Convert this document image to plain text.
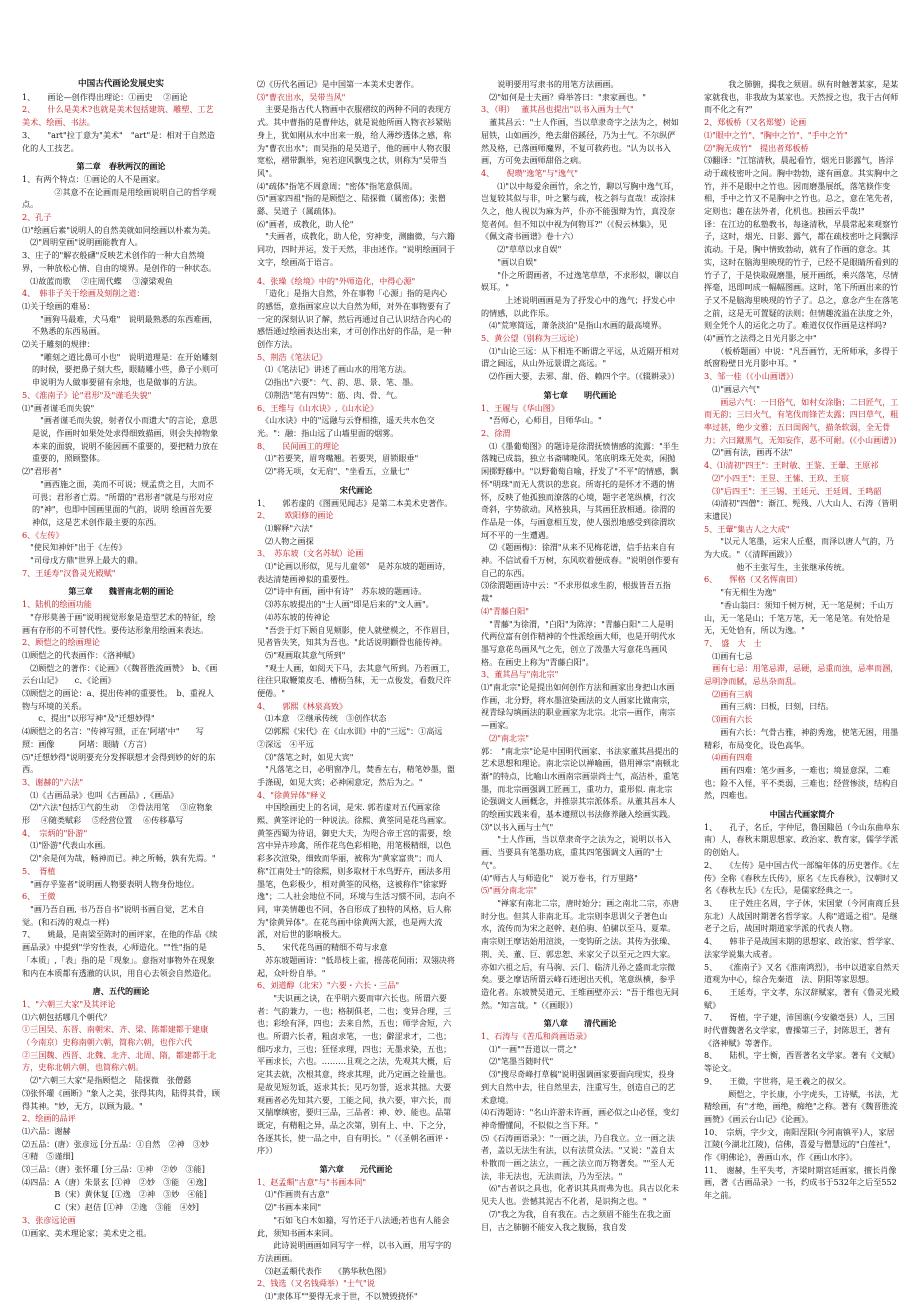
中国古代画论发展史实

1、　　画论—创作得出理论：①画史　 ②画论

2、　　什么是美术?也就是美术包括建筑、雕塑、工艺美术、绘画、书法。

3、　　"art"拉丁意为"美术"　"art"是：相对于自然造化的人工技艺。

第二章　春秋两汉的画论

1、有两个特点：①画论的人不是画家。

　　　　②其意不在论画而是用绘画说明自己的哲学观点。

2、孔子

⑴"绘画后素"说明人的自然美就如同绘画以朴素为美。

　⑵"周明堂画"说明画能教育人。

3、庄子的"解衣般礴"反映艺术创作的一种大自然境界，一种放松心情、自由的境界。是创作的一种状态。

　⑴故蓝而歌　 ②庄周代蝶　 ③濠梁观鱼

4、　韩非子关于绘画及刻削之道：

⑴关于绘画的难易：

　"画狗马最难，犬马难"　说明最熟悉的东西难画，不熟悉的东西易画。

⑵关于雕刻的规律：

　"雕刻之道比鼻可小也"　说明道理是：在开始雕刻的时候，要把鼻子刻大些，眼睛雕小些，鼻子小则可申说明为人做事要留有余地，也是做事的方法。

5、《淮南子》论"君形"及"谨毛失貌"

⑴"画者谨毛而失貌"

　"画者谨毛而失貌，射者仅小而遗大"的言论，意思是说，作画时如果处处求得细致描画，则会失掉物象本来的面貌，说明不能因画不重要的，要把精力放在重要的，照顾整体。

⑵"君形者"

　"画西施之面，美而不可说；规孟贲之目，大而不可畏；君形者亡焉。"所谓的"君形者"就是与形对应的"神"，也即中国画里面的气韵，说明 绘画首先要神似，这是艺术创作最主要的东西。

6、《左传》

　"使民知神奸"出于《左传》

　"司母戊方鼎"世界上最大的鼎。

7、王延寿"汉鲁灵光殿赋"

第三章　　魏晋南北朝的画论

1、陆机的绘画功能

　"存形莫善于画"说明视觉形象是造型艺术的特征，绘画有存形的不可替代性。要传达形象用绘画来表达。

2、顾恺之的绘画理论

⑴顾恺之的代表画作：《洛神赋》

　⑵顾恺之的著作：《论画》（《魏晋胜流画赞》　b、《画云台山记》　　c、《论画》

⑶顾恺之的画论：a、提出传神的重要性。　b、重视人物与环境的关系。

　　c、提出"以形写神"及"迁想妙得"

⑷顾恺之的名言："传神写照，正在'阿堵'中"　　写照：画像　　　阿堵：眼睛（方言）

⑸"迁想妙得"说明要充分发挥联想才会得到妙的好的东西。

3、谢赫的"六法"

　⑴《古画品录》也叫《古画品》,《画品》

　⑵"六法"包括①气韵生动　 ②骨法用笔　 ③应物象形　 ④随类赋彩　 ⑤经营位置　 ⑥传移摹写

4、　宗炳的"卧游"

　⑴"卧游"代表山水画。

　⑵"余是何为哉，畅神而已。神之所畅，孰有先焉。"

5、　胥植

　"画存乎鉴者"说明画人物要表明人物身份地位。

6、　王微

　"画乃吾自画, 书乃吾自书"说明书画自觉，艺术自觉。(和石涛的观点一样)

7、　　姚最，是南梁至陈时的画评家，在他的作品《续画品录》中提到"学穷性表，心师造化。""性"指的是「本质」,「表」指的是「现象」。意指对事物外在现象和内在本质都有透澈的认识，用自心去领会自然造化。

唐、五代的画论

1、"六朝三大家"及其评论

⑴六朝包括哪几个朝代？

①三国吴、东晋、南朝宋、齐、梁、陈都建都于建康（今南京）史称南朝六朝，简称六朝，也作六代

②三国魏、西晋、北魏、北齐、北周、隋，都建都于北方，史称北朝六朝，也简称六朝。

　⑵"六朝三大家"是指顾恺之　陆探微　张僧繇

⑶张怀瓘《画断》"象人之美，张得其肉，陆得其骨，顾得其神。"妙，无方，以顾为最。"

2、绘画的品评

⑴六品：谢赫

⑵五品：(唐）张彦远 [分五品：①自然　②神　③妙　④精　⑤谨细]

⑶三品：（唐）张怀瓘 [分三品：①神　②妙　③能]

⑷四品：A（唐）朱景玄 [①神　②妙　③能　④逸]

　　　　B（宋）黄休复 [①逸　②神　③妙　④能]

　　　　C（宋）赵佶 [①神　②逸　③能　④妙]

3、张彦远论画

⑴画家、美术理论家；美术史之祖。

⑵《历代名画记》是中国第一本美术史著作。

⑶"曹衣出水，吴带当风"

　主要是指古代人物画中衣服褶纹的两种不同的表现方式。其中曹指的是曹仲达，就是说他所画人物衣衫紧贴身上，犹如刚从水中出来一般，给人薄纱透体之感，称为"曹衣出水"；而吴指的是吴道子，他的画中人物衣服宽松，褶带飘举，宛若迎风飘曳之状，则称为"吴带当风"。

⑷"疏体"指笔不周意周；"密体"指笔意俱周。

⑸"画家四祖"指的是顾恺之、陆探微（属密体)；张僧繇、吴道子（属疏体)。

⑹"画者，成教化，助人伦"

　"夫画者，成教化，助人伦，穷神变，测幽微，与六籍同功，四时并运，发于天然，非由述作。"说明绘画同于文字，绘画高于语言。

4、张璪《绘境》中的"外师造化，中得心源"

　「造化」是指大自然，外在事物「心源」指的是内心的感悟，意指画家应以大自然为师，对外在事物要有了一定的深刻认识了解，然后再通过自己认识结合内心的感悟通过绘画表达出来，才可创作出好的作品，是一种创作方法。

5、荆浩《笔法记》

　⑴《笔法记》讲述了画山水的用笔方法。

　⑵指出"六要"：气、韵、思、景、笔、墨。

　⑶荆浩"笔有四势"：筋、肉、骨、气。

6、王维与《山水诀》,《山水论》

　《山水诀》中的"远融与云脊相推，遥天共水色交光。"：融：指山远了山墙里面的烟雾。

8、　　民间画工的理论

　⑴"若要笑，眉弯嘴翘。若要哭，眉锁眼垂"

　⑵"将无项，女无肩"、"坐看五，立量七"

宋代画论

1、　　郭若虚的《图画见闻志》是第二本美术史著作。

2、　　 欧阳修的画论

　⑴解释"六法"

　⑵人物之画探

3、　苏东坡（文名苏轼）论画

　⑴"论画以形似，见与儿童邻"　是苏东坡的题画诗，表达清楚画神似的重要性。

　⑵"诗中有画，画中有诗"　苏东坡的题画诗。

　⑶苏东坡提出的"士人画"即是后来的"文人画"。

　⑷苏东坡的传神论

　"吾尝于灯下顾自见颊影，使人就壁模之，不作眉目，见者皆失笑，知其为吾也。"此话说明颧骨也能传神。

　⑸"观画取其意气所到"

　"观士人画，如阅天下马，去其意气所到。乃若画工，往往只取鞭策皮毛、槽枥刍秣，无一点俊发，看数尺许便倦。"

4、　　郭熙《林泉高致》

　⑴本意　②继承传统　③创作状态

　⑵郭熙《宋代》在《山水训》中的"三远"：①高远　②深远　④平远

　⑶"落笔之时，如见大宾"

　"凡落笔之日，必明窗净几，焚香左右，精笔妙墨，盥手涤砚，如见大宾；必神闲意定，然后为之。"

4、"徐黄异体"释义

　中国绘画史上的名词，是宋. 郭若虚对五代画家徐熙、黄筌评论的一种说法。徐熙、黄筌同是花鸟画家。黄筌西蜀为待诏，御史大夫，为咫合帝王宫的需要，绘宫中异卉珍禽，所作花鸟色彩相艳，用笔极精细，以色彩多次渲染，细致而华丽，被称为"黄家富贵"；而人称"江南处士"的徐熙，则多取材于水鸟野卉，画法多用墨笔，色彩极少，相对黄筌的风格，这被称作"徐家野逸"；二人社会地位不同，环境与生活习惯不同，志向不同，审美情趣也不同，各自形成了独特的风格，后人称为"徐黄异体"。在花鸟画中徐黄两大派，也是两大流派，对后世的影响极大。

5、　　宋代花鸟画的精细不苟与求意

　苏东坡题画诗："低昂枝上雀，摇荡花间雨；双翎决将起，众叶纷自举。"

6、刘道醇（北宋）"六要・六长・三品"

　　"夫识画之诀，在乎明六要而审六长也。所谓六要者：气韵兼力，一也；格制俱老，二也；变异合理，三也；彩绘有泽，四也；去来自然，五也；师学舍短，六也。所谓六长者，粗卤求笔，一也；僻涩求才，二也；细巧求力，三也；狂怪求理，四也；无墨求染，五也；平画求长，六也。………且观之之法，先观其大概，后定其去就，次根其意，终求其理，此乃定画之铨量也。是故见短勿诋，返求其长；见巧勿誉，返求其拙。大要观画者必先知其六要，工能之间，执六要，审六长，而又揣摩缜密，要归三品，三品者：神、妙、能也。品第既定，有精粗之异，品之次第，别有上、中、下之分，各逐其长，使一品之中，自有明长。"（《圣朝名画评・序》）

第六章　　元代画论

1、赵孟頫"古意"与"书画本同"

　⑴"作画贵有古意"

　⑵"书画本来同"

　　"石如飞白木如籀，写竹还于八法通;若也有人能会此，须知书画本来同。

　　此诗说明画画如同写字一样，以书入画，用写字的方法画画。

　⑶赵孟頫代表作　　《鹊华秋色图》

2、钱选（又名钱舜举）"士气"说

　⑴"隶体耳""要得无求于世，不以赞毁挠怀"

　　说明要用写隶书的用笔方法画画。

　⑵"如何是士夫画？舜举答曰："隶家画也。"

3、（明）　 董其昌也提出"以书入画为士气"

　董其昌云："士人作画，当以草隶奇字之法为之，树如屈铁，山如画沙，绝去甜俗蹊径，乃为士气。不尔纵俨然及格，已落画师魔界，不复可救药也。"认为以书入画，方可免去画师甜俗之病。

4、　　倪瓒"逸笔"与"逸气"

　　⑴"以中每爱余画竹，余之竹，聊以写胸中逸气耳，岂复较其似与非，叶之繁与疏，枝之斜与直哉！或涂抹久之，他人视以为麻为芦，仆亦不能强辩为竹，真没奈览者何。但不知以中视为何物耳?"（《倪云林集》，见《佩文斋书画谱》卷十六）

　　⑵"草草以求自娱"

　　"画以自娱"

　　"仆之所谓画者，不过逸笔草草，不求形似，聊以自娱耳。"

　　　上述说明画画是为了抒发心中的逸气；抒发心中的情感，以此作乐。

　⑷"荒寒简远，萧条淡泊"是指山水画的最高境界。

5、黄公望（别称为三远论）

　⑴"山论三远：从下相连不断谓之平远，从近隔开相对谓之阔远，从山外远景谓之高远。"

　⑵作画大要，去邪、甜、俗、赖四个字。（《辍耕录》）

第七章　　明代画论

1、王履与《华山图》

　"吾师心，心师目，目师华山。"

2、徐渭

　⑴《墨葡萄图》的题诗是徐渭抚愤情感的流露："半生落魄已成翁，独立书斋啸晚风。笔底明珠无处卖，闲抛闲掷野藤中。"以野葡萄自喻，抒发了"不平"的情感，飘怀"明珠"而无人赏识的悲哀。所寄托的是怀才不遇的情怀，反映了他孤独而潦落的心境，题字老笔纵横，行次奇斜，字势欲动。风格独具，与其画狂放相通。徐渭的作品是一体，与画意相互发，使人强烈地感受到徐渭坎坷不平的一生遭遇。

　⑵《题画梅》：徐渭"从来不见梅花谱，信手拈来自有神。不信试看千万树，东风吹着便成春。"说明创作要有自己的东西。

⑶徐渭题画诗中云："不求形似求生韵，根拔皆吾五指裁"

⑷"青藤白阳"

　"青藤"为徐渭，"白阳"为陈淳；"青藤白阳"二人是明代两位富有创作精神的个性派绘画大师，也是开明代水墨写意花鸟画风气之先，创立了泼墨大写意花鸟画风格。在画史上称为"青藤白阳"。

3、董其昌与"南北宗"

⑴"南北宗"论是提出如何创作方法和画家出身把山水画作画，北分野，将水墨渲染画法的文人画家比做南宗，视青绿勾填画法的职业画家为北宗。北宗—画作，南宗—画家。

　⑵"南北宗"

郭：　"南北宗"论是中国明代画家、书法家董其昌提出的艺术思想和理论。南北宗论以禅喻画，借用禅宗"南顿北渐"的特点，比喻山水画南宗画崇尚士气，高洁朴，重笔墨，而北宗画强调工匠画工，重功力，重形似. 南北宗论强调文人画概念，并推崇其宗派体系。从董其昌本人的绘画实践来看，基本遵照以书法修养融入绘画实践。

⑶"以书入画与士气"

　　"士人作画，当以草隶奇字之法为之，说明以书入画、当要具有笔墨功底，重其四笔强调文人画的"士气"。

⑷"师古人与师造化"　说万卷书，行万里路"

⑸"画分南北宗"

　　"禅家有南北二宗，唐时始分；画之南北二宗，亦唐时分也。但其人非南北耳。北宗则李思训父子著色山水，流传而为宋之赵幹、赵伯驹、伯骕以至马、夏辈。南宗则王摩诘始用渲淡，一变钩斫之法。其传为张璪、荆、关、董、巨、郭忠恕、米家父子以至元之四大家。亦如六祖之后，有马驹、云门、临济儿孙之盛而北宗微矣。要之摩诘所谓云峰石迹迥出天机，笔意纵横，参乎造化者。东坡赞吴道元、王维画壁亦云："吾于维也无间然。"知言哉。"（《画眼》）

第八章　　清代画论

1、石涛与《苦瓜和尚画语录》

　⑴"一画""吾道以一贯之"

　⑵"笔墨当随时代"

　⑶"搜尽奇峰打草稿"说明强调画家要面向现实，投身到大自然中去，往自然里去，注重写生，创造自己的艺术意境。

⑷石涛题诗："名山许游未许画，画必似之山必怪，变幻神奇懵懂间，不似似之当下拜。"

⑸《石涛画语录》："一画之法，乃自我立。立一画之法者，盖以无法生有法，以有法贯众法。"又说："盖自太朴散而一画之法立，一画之法立而万物著矣。""至人无法，非无法也，无法而法，乃为至法。"

　⑹"古者识之具也，化者识其具而弗为也。具古以化未见夫人也。尝憾其泥古不化者，是识拘之也。"

　⑺"我之为我，自有我在。古之须眉不能生在我之面目，古之肺腑不能安入我之腹肠，我自发

　　　我之肺腑，揭我之须眉。纵有时触著某家，是某家就我也，非我故为某家也。天然授之也，我于古何师而不化之有?"

2、郑板桥（又名郑燮）论画

⑴"眼中之竹"、"胸中之竹"、"手中之竹"

⑵"胸无成竹"　提出者郑板桥

⑶翻译："江馆清秋，晨起看竹，烟光日影露气，皆浮动于疏枝密叶之间。胸中勃勃，遂有画意。其实胸中之竹，并不是眼中之竹也。因而磨墨展纸，落笔倏作变相，手中之竹又不是胸中之竹也。总之，意在笔先者，定则也；趣在法外者，化机也。独画云乎哉!"

译：在江边的私塾教书，每逢清秋，早晨常起来观察竹子，这时，烟光、日影、露气，都在疏枝密叶之间飘浮流动。于是，胸中情致勃动，就有了作画的意念。其实，这时在脑海里映现的竹子，已经不是眼睛所看到的竹子了，于是快取砚磨墨，展开画纸，乘兴落笔，尽情挥毫，迅即呵成一幅幅图画。这时，笔下所画出来的竹子又不是脑海里映现的竹子了。总之，意念产生在落笔之前，这是无可置疑的法则；但情趣流溢在法度之外，则全凭个人的运化之功了。难道仅仅作画是这样吗?

⑷"画竹之法得之日光月影之中"

　　（板桥题画）中说："凡吾画竹，无所师承，多得于纸窗粉壁日光月影中耳。"

3、邹一桂（《小山画谱》）

　⑴"画忌六气"

　　画忌六气：一曰俗气，如村女涂脂；二曰匠气，工而无韵；三曰火气，有笔伐而锋芒太露；四曰草气，粗率过甚，绝少文雅；五曰闺阁气，描条软弱，全无骨力；六曰蹴黑气，无知妄作，恶不可耐。(《小山画谱》)

　⑵"画有法，画再不法"

4、⑴清初"四王"：王时敏、王鉴、王翬、王原祁

　⑵"小四王"：王昱、王愫、王玖、王宸

　⑶"后四王"：王三锡、王廷元、王廷周、王鸣韶

　⑷清初"四僧"：渐江、髡残、八大山人、石涛（皆明末遗民）

5、王翬"集古人之大成"

　　"以元人笔墨，运宋人丘壑，而泽以唐人气韵，乃为大成。"（《清晖画跋》）

　　　　他不主张写生，主张继承传统。

6、　　恽格（又名恽南田）

　　"有无相生为逸"

　　"香山翁曰：须知千树万树，无一笔是树；千山万山，无一笔是山；千笔万笔，无一笔是笔。有处恰是无，无处恰有，所以为逸。"

7、　盛　大　士

　⑴画有七忌

　画有七忌：用笔忌滞，忌硬，忌重而浊，忌率而溷，忌明净而腻，忌丛杂而乱。

　⑵画有三病

　　画有三病：曰板，曰刻，曰结。

　⑶画有六长

　　画有六长：气骨古雅，神韵秀逸，使笔无困，用墨精彩，布局变化，设色高华。

　⑷画有四难

　　画有四难：笔少画多，一难也；境显意深，二难也；险不入怪，平不类弱，三难也；经营惨淡，结构自然，四难也。

中国古代画家简介

1、　　孔子，名丘，字仲尼，鲁国陬邑（今山东曲阜东南）人，春秋末期思想家、政治家、教育家，儒学学派的创始人。

2、　　《左传》是中国古代一部编年体的历史著作。《左传》全称《春秋左氏传》，原名《左氏春秋》，汉朝时又名《春秋左氏》《左氏》，是儒家经典之一。

3、　　庄子姓庄名周，字子休，宋国蒙（今河南商丘县东北）人战国时期著名哲学家。人称"道遥之祖"。是继老子之后，战国时期道家学派的代表人物。

4、　　韩非子是战国末期的思想家、政治家、哲学家、法家学说集大成者。

5、　　《淮南子》又名《淮南鸿烈》，书中以道家自然天道观为中心，综合先秦道　法、阴阳等家思想。

6、　　王延寿，字文孝，东汉辞赋家，著有《鲁灵光殿赋》

7、　　胥植，字子建，沛国谯(今安徽亳县）人，三国时代曹魏著名文学家，曹操第三子，封陈思王，著有《洛神赋》等著作。

8、　　陆机，字士衡，西晋著名文学家。著有《文赋》等论文。

9、　　王微，字世将，是王羲之的叔父。

　　　顾恺之，字长康，小字虎头，工诗赋，书法，尤精绘画，有"才绝，画绝，痴绝"之称。著有《魏晋胜流画赞》《画云台山记》《论画》。

10、　宗炳，字少文，南阳涅阳(今河南镇平)人，家居江陵(今湖北江陵)，信佛，喜爱与僧慧远的"白莲社"，作《明佛论》，善画山水，作《画山水序》。

11、　谢赫，生平失考，齐梁时期宫廷画家，擅长肖像画，著《古画品录》一书，约成书于532年之后至552年之前。
